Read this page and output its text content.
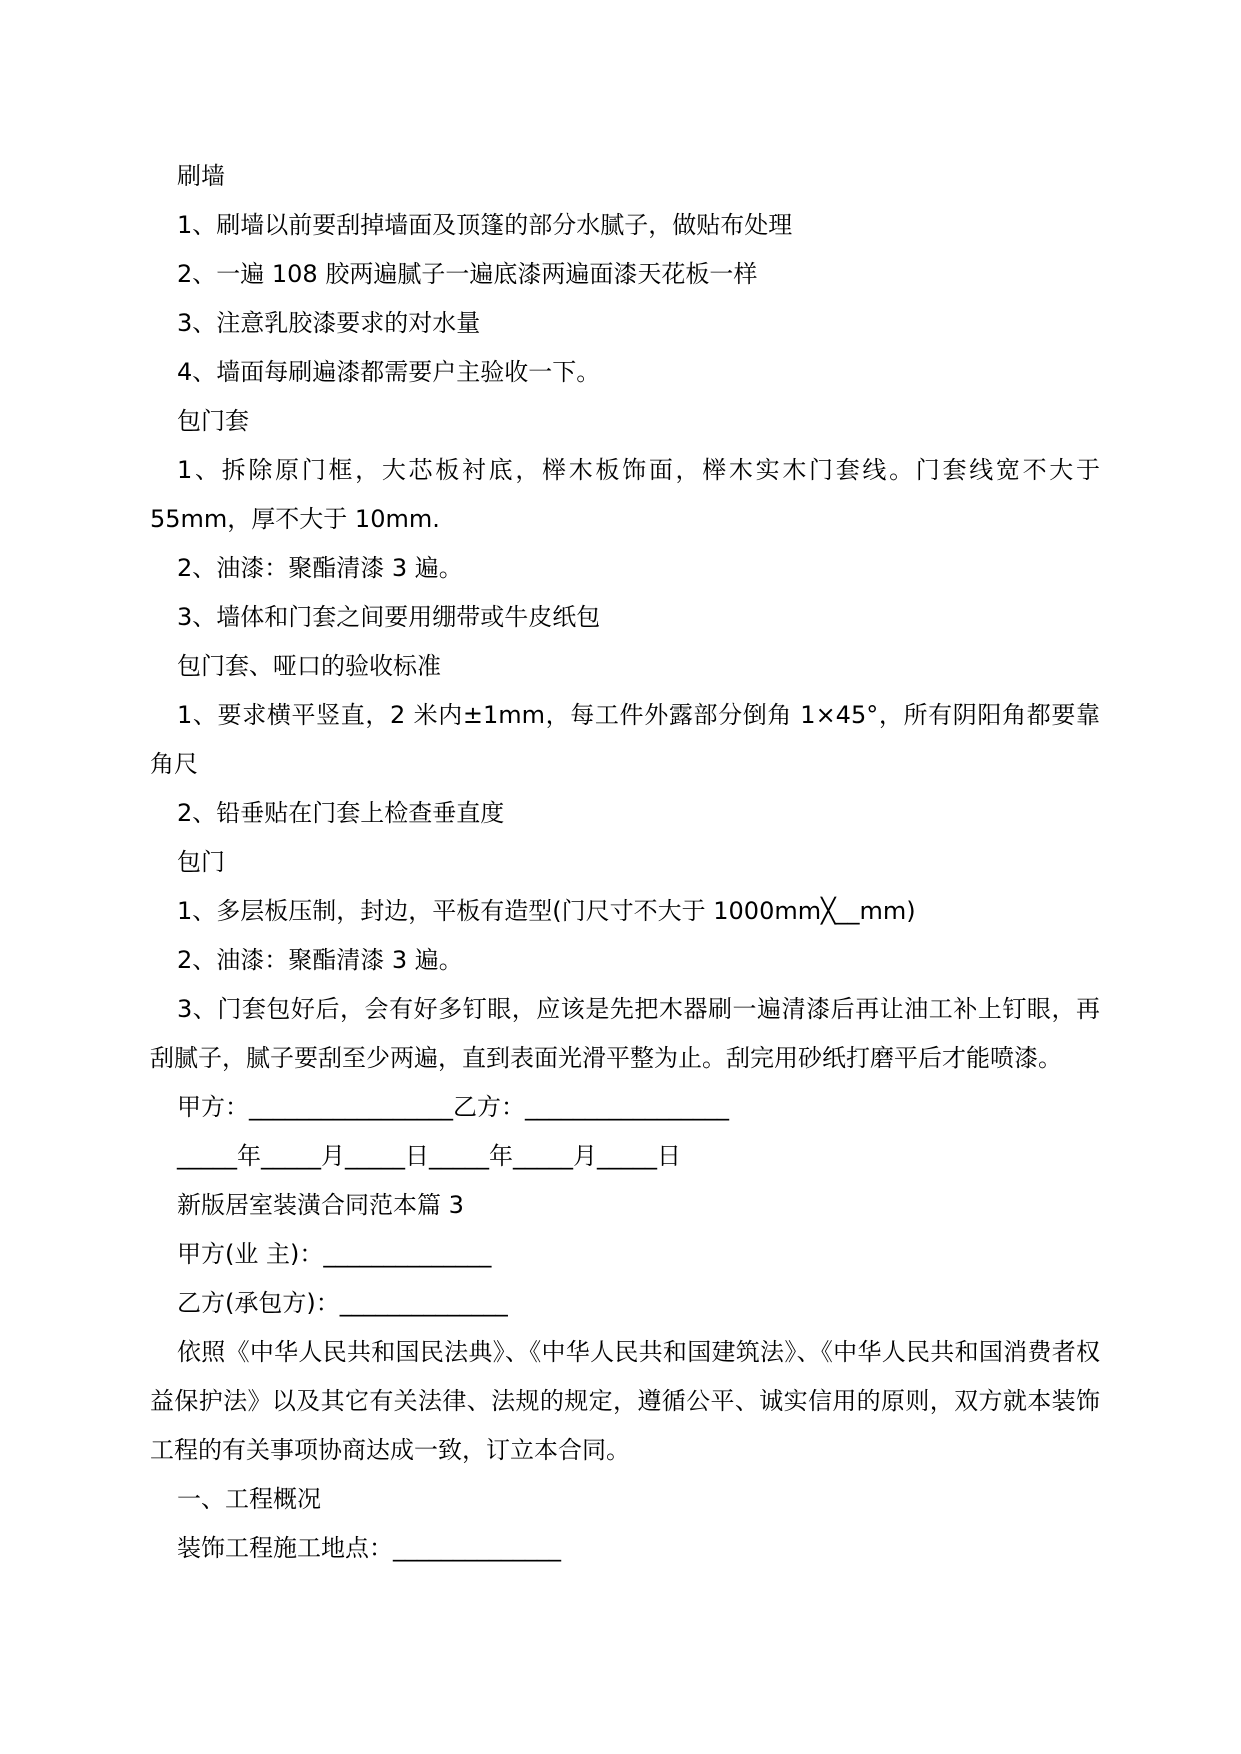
刷墙

1、刷墙以前要刮掉墙面及顶篷的部分水腻子，做贴布处理

2、一遍 108 胶两遍腻子一遍底漆两遍面漆天花板一样

3、注意乳胶漆要求的对水量

4、墙面每刷遍漆都需要户主验收一下。

包门套

1、拆除原门框，大芯板衬底，榉木板饰面，榉木实木门套线。门套线宽不大于 55mm，厚不大于 10mm.

2、油漆：聚酯清漆 3 遍。

3、墙体和门套之间要用绷带或牛皮纸包

包门套、哑口的验收标准

1、要求横平竖直，2 米内±1mm，每工件外露部分倒角 1×45°，所有阴阳角都要靠角尺

2、铅垂贴在门套上检查垂直度

包门

1、多层板压制，封边，平板有造型(门尺寸不大于 1000mm╳__mm)

2、油漆：聚酯清漆 3 遍。

3、门套包好后，会有好多钉眼，应该是先把木器刷一遍清漆后再让油工补上钉眼，再刮腻子，腻子要刮至少两遍，直到表面光滑平整为止。刮完用砂纸打磨平后才能喷漆。

甲方：_________________乙方：_________________

_____年_____月_____日_____年_____月_____日

新版居室装潢合同范本篇 3

甲方(业 主)：______________

乙方(承包方)：______________

依照《中华人民共和国民法典》、《中华人民共和国建筑法》、《中华人民共和国消费者权益保护法》以及其它有关法律、法规的规定，遵循公平、诚实信用的原则，双方就本装饰工程的有关事项协商达成一致，订立本合同。

一、工程概况

装饰工程施工地点：______________
